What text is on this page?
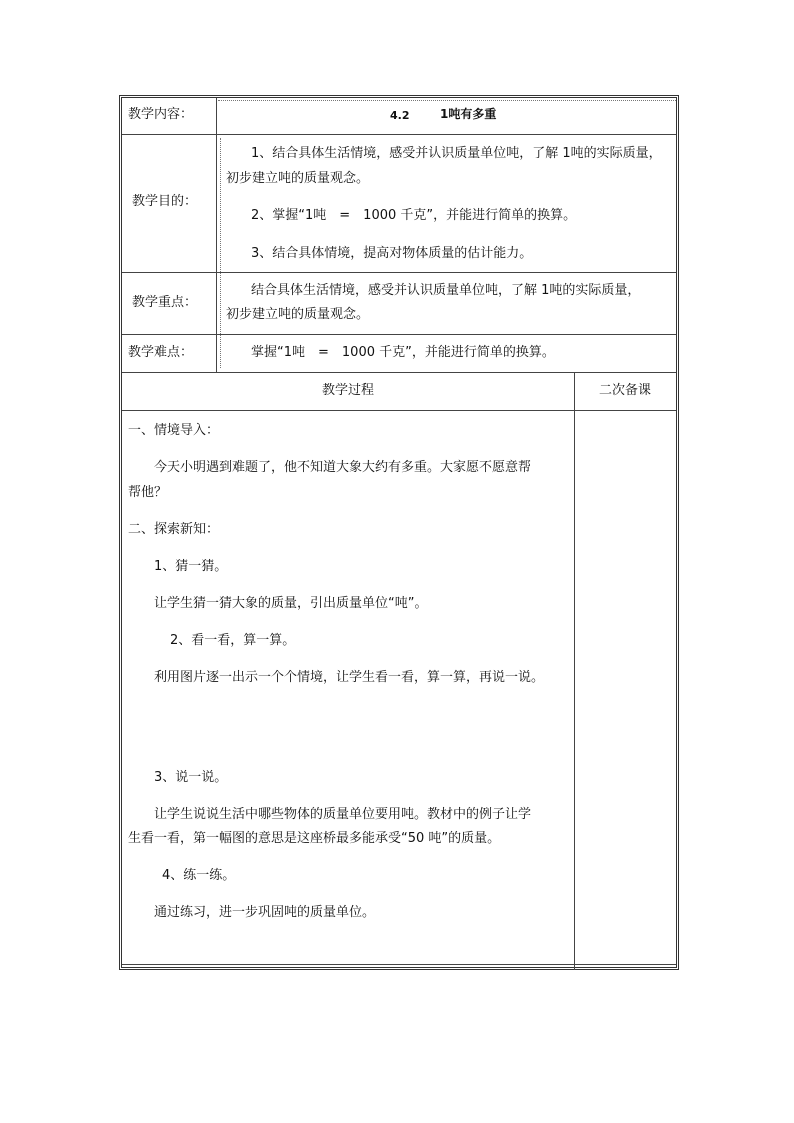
教学内容：	4.2	1吨有多重
教学目的：
1、结合具体生活情境，感受并认识质量单位吨，了解 1吨的实际质量，
初步建立吨的质量观念。
2、掌握“1吨　=　1000 千克”，并能进行简单的换算。
3、结合具体情境，提高对物体质量的估计能力。
教学重点：
结合具体生活情境，感受并认识质量单位吨，了解 1吨的实际质量，
初步建立吨的质量观念。
教学难点：	掌握“1吨　=　1000 千克”，并能进行简单的换算。
教学过程	二次备课
一、情境导入：
今天小明遇到难题了，他不知道大象大约有多重。大家愿不愿意帮
帮他？
二、探索新知：
1、猜一猜。
让学生猜一猜大象的质量，引出质量单位“吨”。
2、看一看，算一算。
利用图片逐一出示一个个情境，让学生看一看，算一算，再说一说。
3、说一说。
让学生说说生活中哪些物体的质量单位要用吨。教材中的例子让学
生看一看，第一幅图的意思是这座桥最多能承受“50 吨”的质量。
4、练一练。
通过练习，进一步巩固吨的质量单位。
